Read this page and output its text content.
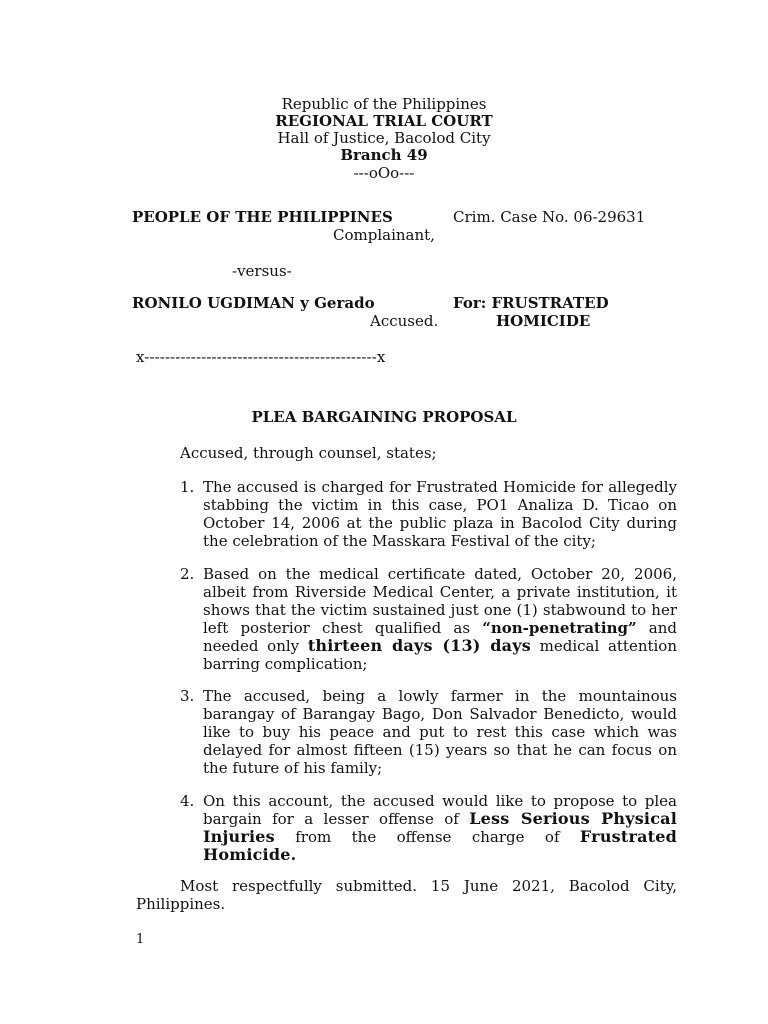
Republic of the Philippines
REGIONAL TRIAL COURT
Hall of Justice, Bacolod City
Branch 49
---oOo---
PEOPLE OF THE PHILIPPINES	Crim. Case No. 06-29631
Complainant,
-versus-
RONILO UGDIMAN y Gerado	For: FRUSTRATED
Accused.	HOMICIDE
x---------------------------------------------x
PLEA BARGAINING PROPOSAL
Accused, through counsel, states;
1. The accused is charged for Frustrated Homicide for allegedly
stabbing the victim in this case, PO1 Analiza D. Ticao on
October 14, 2006 at the public plaza in Bacolod City during
the celebration of the Masskara Festival of the city;
2. Based on the medical certificate dated, October 20, 2006,
albeit from Riverside Medical Center, a private institution, it
shows that the victim sustained just one (1) stabwound to her
left posterior chest qualified as “non-penetrating” and
needed only thirteen days (13) days medical attention
barring complication;
3. The accused, being a lowly farmer in the mountainous
barangay of Barangay Bago, Don Salvador Benedicto, would
like to buy his peace and put to rest this case which was
delayed for almost fifteen (15) years so that he can focus on
the future of his family;
4. On this account, the accused would like to propose to plea
bargain for a lesser offense of Less Serious Physical
Injuries from the offense charge of Frustrated
Homicide.
Most respectfully submitted. 15 June 2021, Bacolod City,
Philippines.
1
